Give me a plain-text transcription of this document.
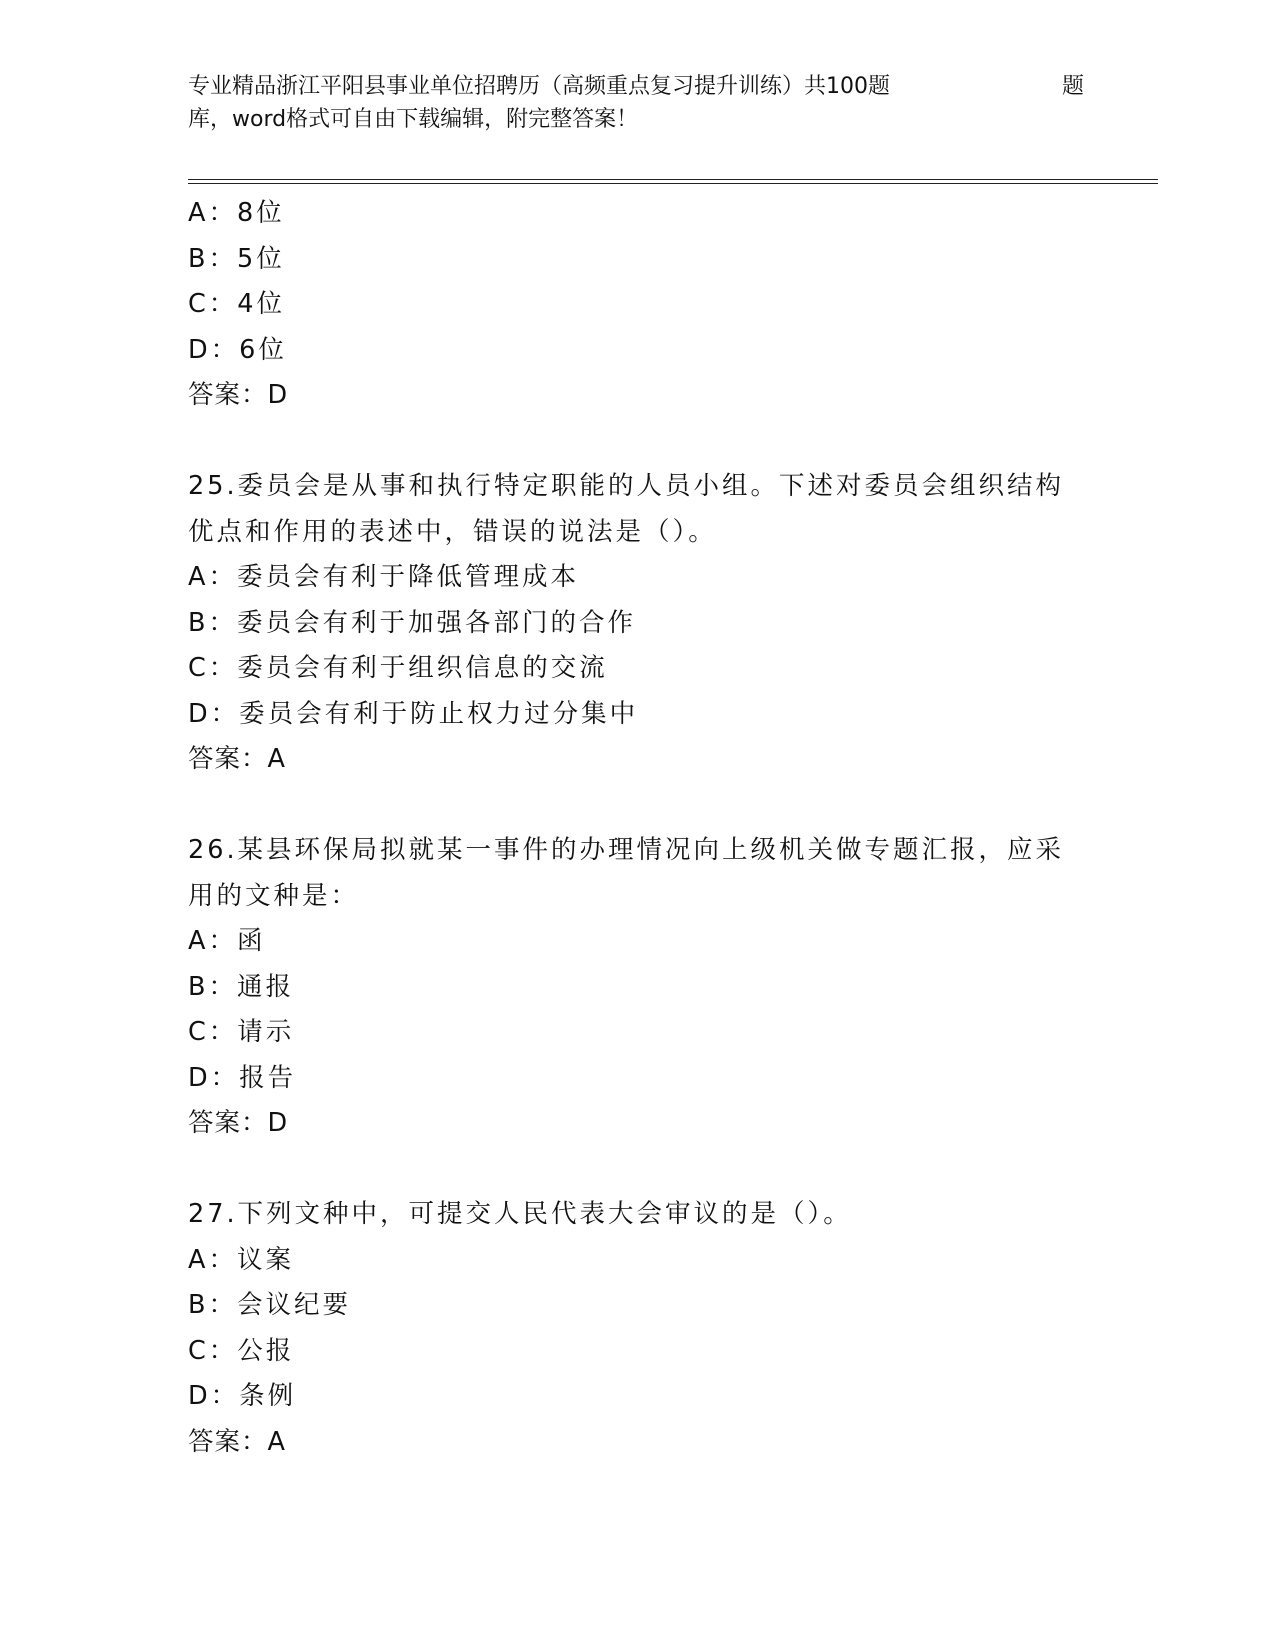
专业精品浙江平阳县事业单位招聘历（高频重点复习提升训练）共100题	题
库，word格式可自由下载编辑，附完整答案！
A：8位
B：5位
C：4位
D：6位
答案：D
25.委员会是从事和执行特定职能的人员小组。下述对委员会组织结构
优点和作用的表述中，错误的说法是（）。
A：委员会有利于降低管理成本
B：委员会有利于加强各部门的合作
C：委员会有利于组织信息的交流
D：委员会有利于防止权力过分集中
答案：A
26.某县环保局拟就某一事件的办理情况向上级机关做专题汇报，应采
用的文种是：
A：函
B：通报
C：请示
D：报告
答案：D
27.下列文种中，可提交人民代表大会审议的是（）。
A：议案
B：会议纪要
C：公报
D：条例
答案：A
